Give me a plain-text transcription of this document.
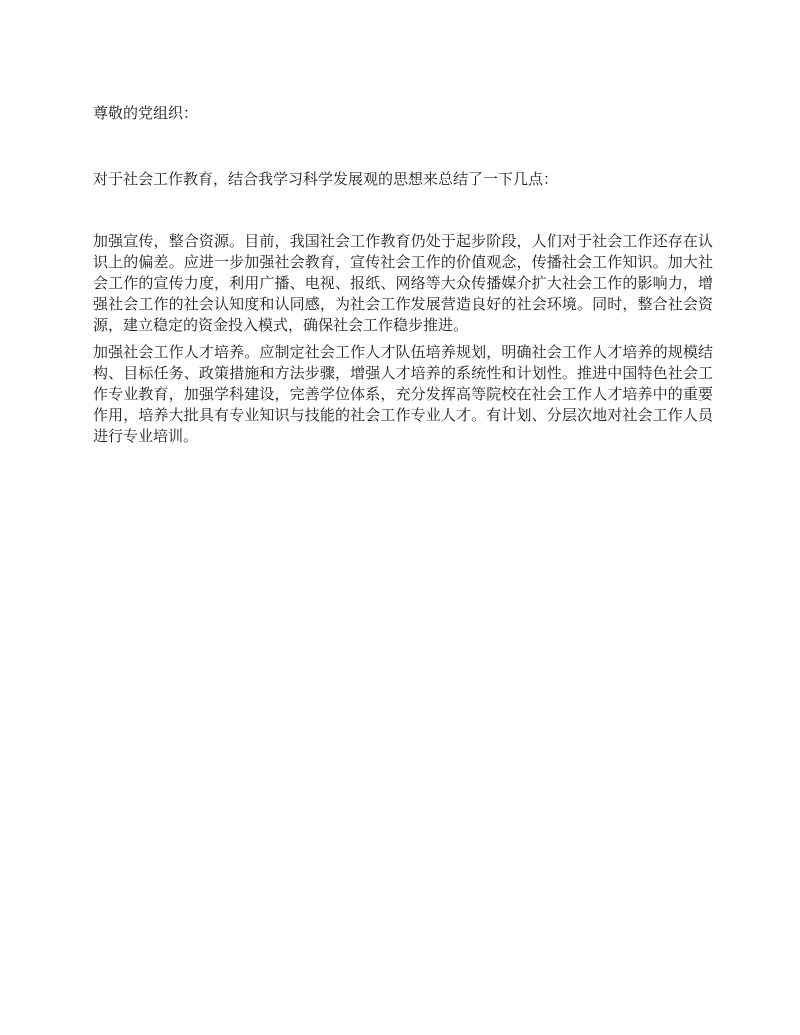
尊敬的党组织：

对于社会工作教育，结合我学习科学发展观的思想来总结了一下几点：

加强宣传，整合资源。目前，我国社会工作教育仍处于起步阶段，人们对于社会工作还存在认识上的偏差。应进一步加强社会教育，宣传社会工作的价值观念，传播社会工作知识。加大社会工作的宣传力度，利用广播、电视、报纸、网络等大众传播媒介扩大社会工作的影响力，增强社会工作的社会认知度和认同感，为社会工作发展营造良好的社会环境。同时，整合社会资源，建立稳定的资金投入模式，确保社会工作稳步推进。

加强社会工作人才培养。应制定社会工作人才队伍培养规划，明确社会工作人才培养的规模结构、目标任务、政策措施和方法步骤，增强人才培养的系统性和计划性。推进中国特色社会工作专业教育，加强学科建设，完善学位体系，充分发挥高等院校在社会工作人才培养中的重要作用，培养大批具有专业知识与技能的社会工作专业人才。有计划、分层次地对社会工作人员进行专业培训。
